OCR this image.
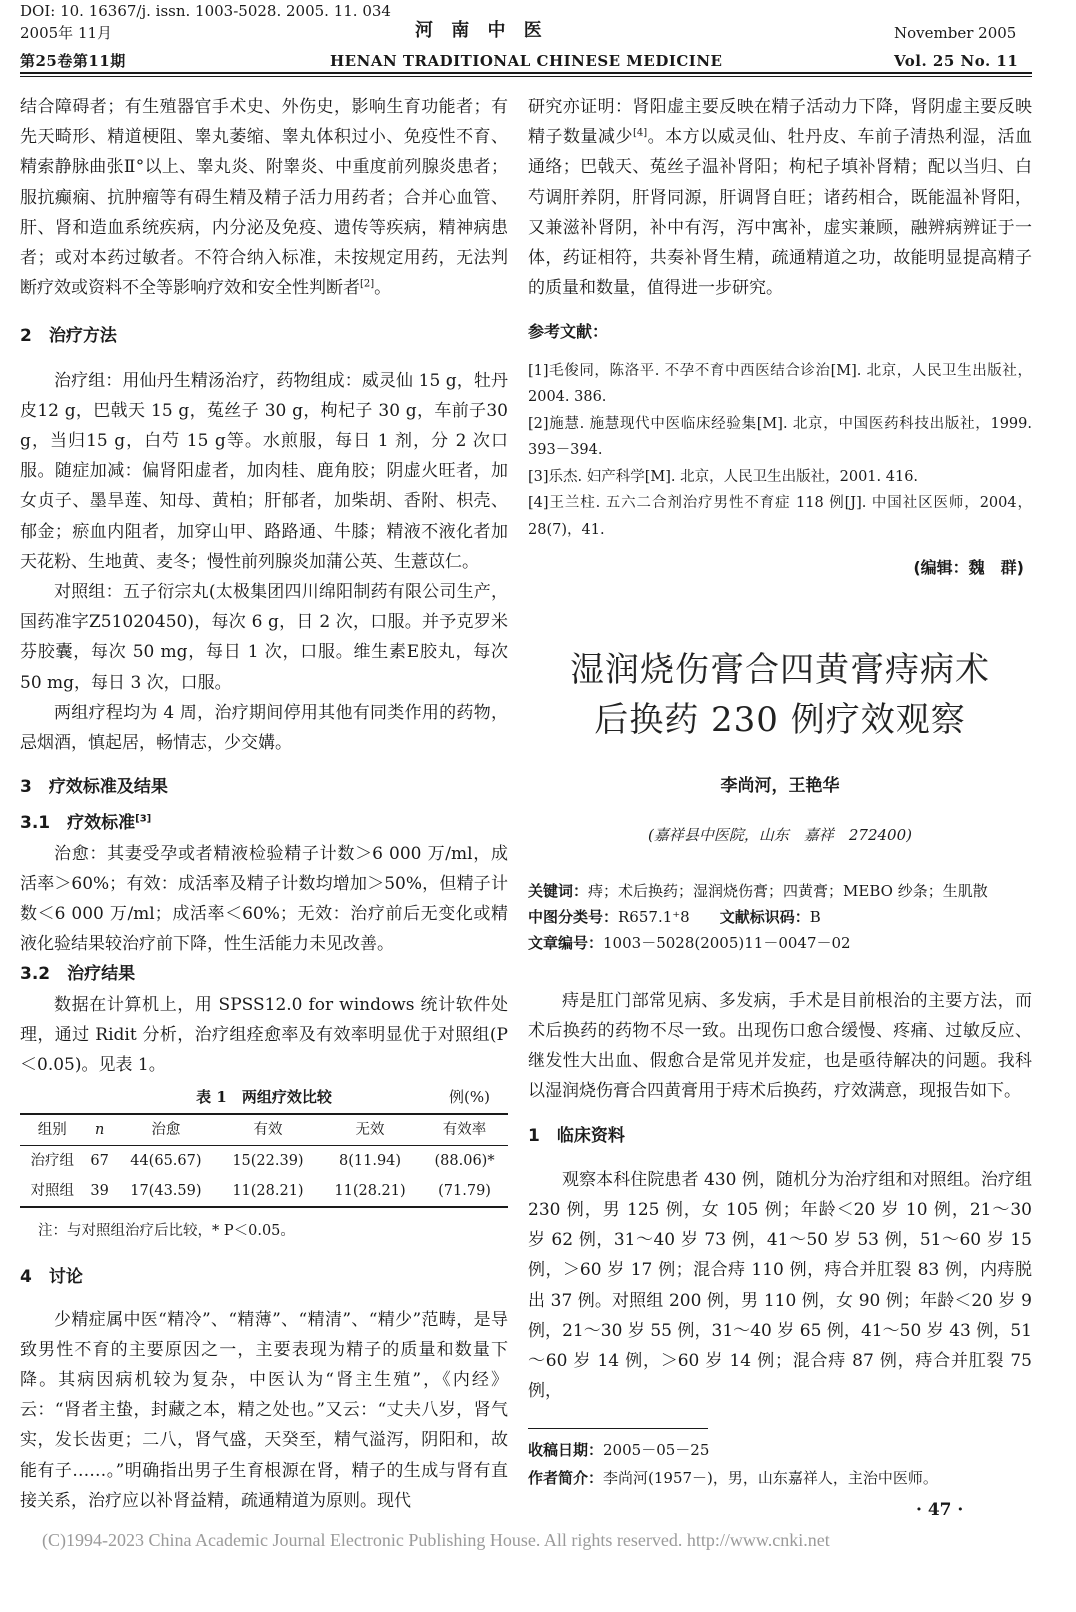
DOI: 10. 16367/j. issn. 1003-5028. 2005. 11. 034
2005年 11月	河 南 中 医	November 2005
第25卷第11期	HENAN TRADITIONAL CHINESE MEDICINE	Vol. 25 No. 11

结合障碍者；有生殖器官手术史、外伤史，影响生育功能者；有先天畸形、精道梗阻、睾丸萎缩、睾丸体积过小、免疫性不育、精索静脉曲张Ⅱ°以上、睾丸炎、附睾炎、中重度前列腺炎患者；服抗癫痫、抗肿瘤等有碍生精及精子活力用药者；合并心血管、肝、肾和造血系统疾病，内分泌及免疫、遗传等疾病，精神病患者；或对本药过敏者。不符合纳入标准，未按规定用药，无法判断疗效或资料不全等影响疗效和安全性判断者[2]。

2　治疗方法

治疗组：用仙丹生精汤治疗，药物组成：威灵仙 15 g，牡丹皮12 g，巴戟天 15 g，菟丝子 30 g，枸杞子 30 g，车前子30 g，当归15 g，白芍 15 g等。水煎服，每日 1 剂，分 2 次口服。随症加减：偏肾阳虚者，加肉桂、鹿角胶；阴虚火旺者，加女贞子、墨旱莲、知母、黄柏；肝郁者，加柴胡、香附、枳壳、郁金；瘀血内阻者，加穿山甲、路路通、牛膝；精液不液化者加天花粉、生地黄、麦冬；慢性前列腺炎加蒲公英、生薏苡仁。

对照组：五子衍宗丸(太极集团四川绵阳制药有限公司生产，国药准字Z51020450)，每次 6 g，日 2 次，口服。并予克罗米芬胶囊，每次 50 mg，每日 1 次，口服。维生素E胶丸，每次 50 mg，每日 3 次，口服。

两组疗程均为 4 周，治疗期间停用其他有同类作用的药物，忌烟酒，慎起居，畅情志，少交媾。

3　疗效标准及结果

3.1　疗效标准[3]

治愈：其妻受孕或者精液检验精子计数＞6 000 万/ml，成活率＞60%；有效：成活率及精子计数均增加＞50%，但精子计数＜6 000 万/ml；成活率＜60%；无效：治疗前后无变化或精液化验结果较治疗前下降，性生活能力未见改善。

3.2　治疗结果

数据在计算机上，用 SPSS12.0 for windows 统计软件处理，通过 Ridit 分析，治疗组痊愈率及有效率明显优于对照组(P＜0.05)。见表 1。

表 1　两组疗效比较	例(%)
组别	n	治愈	有效	无效	有效率
治疗组	67	44(65.67)	15(22.39)	8(11.94)	(88.06)*
对照组	39	17(43.59)	11(28.21)	11(28.21)	(71.79)

注：与对照组治疗后比较，* P＜0.05。

4　讨论

少精症属中医“精冷”、“精薄”、“精清”、“精少”范畴，是导致男性不育的主要原因之一，主要表现为精子的质量和数量下降。其病因病机较为复杂，中医认为“肾主生殖”，《内经》云：“肾者主蛰，封藏之本，精之处也。”又云：“丈夫八岁，肾气实，发长齿更；二八，肾气盛，天癸至，精气溢泻，阴阳和，故能有子……。”明确指出男子生育根源在肾，精子的生成与肾有直接关系，治疗应以补肾益精，疏通精道为原则。现代

研究亦证明：肾阳虚主要反映在精子活动力下降，肾阴虚主要反映精子数量减少[4]。本方以威灵仙、牡丹皮、车前子清热利湿，活血通络；巴戟天、菟丝子温补肾阳；枸杞子填补肾精；配以当归、白芍调肝养阴，肝肾同源，肝调肾自旺；诸药相合，既能温补肾阳，又兼滋补肾阴，补中有泻，泻中寓补，虚实兼顾，融辨病辨证于一体，药证相符，共奏补肾生精，疏通精道之功，故能明显提高精子的质量和数量，值得进一步研究。

参考文献：

[1]毛俊同，陈洛平. 不孕不育中西医结合诊治[M]. 北京，人民卫生出版社，2004. 386.

[2]施慧. 施慧现代中医临床经验集[M]. 北京，中国医药科技出版社，1999. 393－394.

[3]乐杰. 妇产科学[M]. 北京，人民卫生出版社，2001. 416.

[4]王兰柱. 五六二合剂治疗男性不育症 118 例[J]. 中国社区医师，2004，28(7)，41.

(编辑：魏　群)

湿润烧伤膏合四黄膏痔病术
后换药 230 例疗效观察

李尚河，王艳华

(嘉祥县中医院，山东　嘉祥　272400)

关键词：痔；术后换药；湿润烧伤膏；四黄膏；MEBO 纱条；生肌散

中图分类号：R657.1⁺8　　 文献标识码：B

文章编号：1003－5028(2005)11－0047－02

痔是肛门部常见病、多发病，手术是目前根治的主要方法，而术后换药的药物不尽一致。出现伤口愈合缓慢、疼痛、过敏反应、继发性大出血、假愈合是常见并发症，也是亟待解决的问题。我科以湿润烧伤膏合四黄膏用于痔术后换药，疗效满意，现报告如下。

1　临床资料

观察本科住院患者 430 例，随机分为治疗组和对照组。治疗组 230 例，男 125 例，女 105 例；年龄＜20 岁 10 例，21～30 岁 62 例，31～40 岁 73 例，41～50 岁 53 例，51～60 岁 15 例，＞60 岁 17 例；混合痔 110 例，痔合并肛裂 83 例，内痔脱出 37 例。对照组 200 例，男 110 例，女 90 例；年龄＜20 岁 9 例，21～30 岁 55 例，31～40 岁 65 例，41～50 岁 43 例，51～60 岁 14 例，＞60 岁 14 例；混合痔 87 例，痔合并肛裂 75 例，

收稿日期：2005－05－25
作者简介：李尚河(1957－)，男，山东嘉祥人，主治中医师。
· 47 ·
(C)1994-2023 China Academic Journal Electronic Publishing House. All rights reserved. http://www.cnki.net
